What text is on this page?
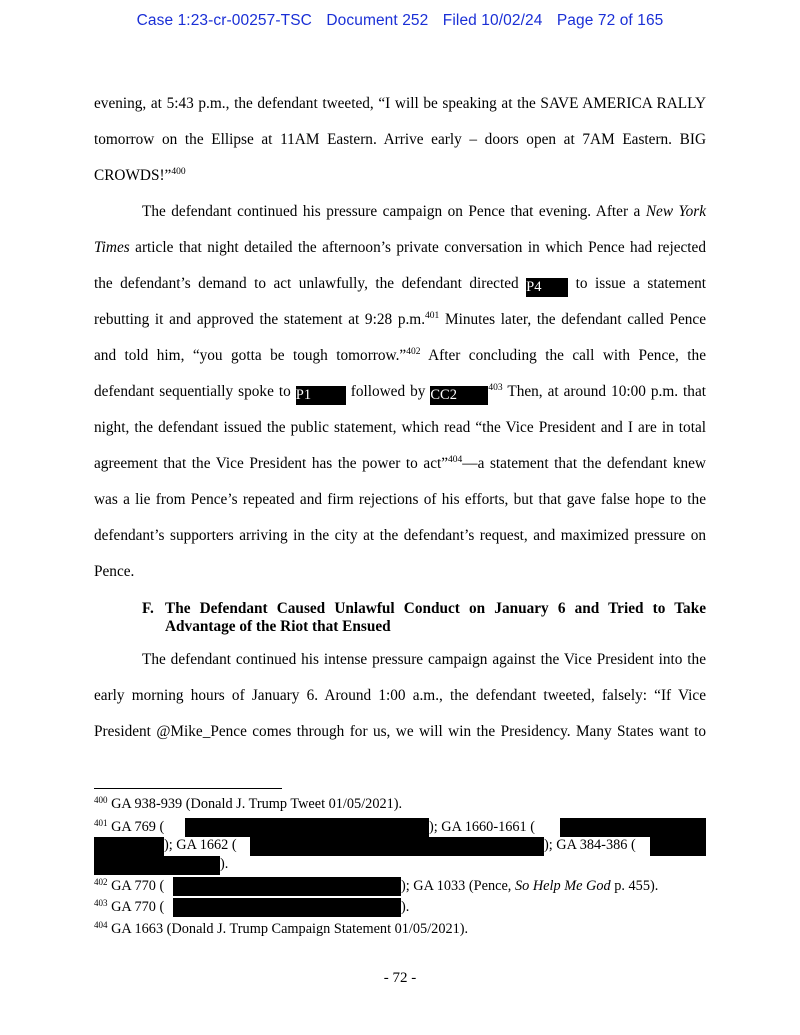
Case 1:23-cr-00257-TSC Document 252 Filed 10/02/24 Page 72 of 165
evening, at 5:43 p.m., the defendant tweeted, “I will be speaking at the SAVE AMERICA RALLY
tomorrow on the Ellipse at 11AM Eastern. Arrive early – doors open at 7AM Eastern. BIG
CROWDS!”$^{400}$
The defendant continued his pressure campaign on Pence that evening. After a New York
Times article that night detailed the afternoon’s private conversation in which Pence had rejected
the defendant’s demand to act unlawfully, the defendant directed P4 to issue a statement
rebutting it and approved the statement at 9:28 p.m.$^{401}$ Minutes later, the defendant called Pence
and told him, “you gotta be tough tomorrow.”$^{402}$ After concluding the call with Pence, the
defendant sequentially spoke to P1	followed by CC2	$^{403}$ Then, at around 10:00 p.m. that
night, the defendant issued the public statement, which read “the Vice President and I are in total
agreement that the Vice President has the power to act”$^{404}$—a statement that the defendant knew
was a lie from Pence’s repeated and firm rejections of his efforts, but that gave false hope to the
defendant’s supporters arriving in the city at the defendant’s request, and maximized pressure on
Pence.
F. The Defendant Caused Unlawful Conduct on January 6 and Tried to Take
Advantage of the Riot that Ensued
The defendant continued his intense pressure campaign against the Vice President into the
early morning hours of January 6. Around 1:00 a.m., the defendant tweeted, falsely: “If Vice
President @Mike_Pence comes through for us, we will win the Presidency. Many States want to
$^{400}$ GA 938-939 (Donald J. Trump Tweet 01/05/2021).
$^{401}$ GA 769 (	); GA 1660-1661 (
); GA 1662 (	); GA 384-386 (
).
$^{402}$ GA 770 (	); GA 1033 (Pence, So Help Me God p. 455).
$^{403}$ GA 770 (	).
$^{404}$ GA 1663 (Donald J. Trump Campaign Statement 01/05/2021).
- 72 -
